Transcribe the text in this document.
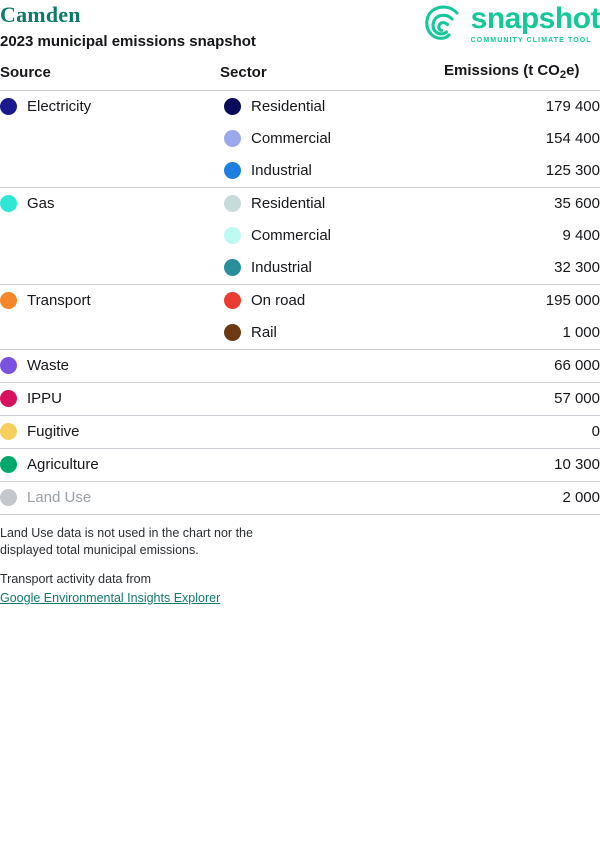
Camden
2023 municipal emissions snapshot
snapshot
COMMUNITY CLIMATE TOOL
Source	Sector	Emissions (t CO2e)

Electricity	Residential	179 400

	Commercial	154 400

	Industrial	125 300

Gas	Residential	35 600

	Commercial	9 400

	Industrial	32 300

Transport	On road	195 000

	Rail	1 000

Waste		66 000

IPPU		57 000

Fugitive		0

Agriculture		10 300

Land Use		2 000

Land Use data is not used in the chart nor the
displayed total municipal emissions.

Transport activity data from

Google Environmental Insights Explorer
